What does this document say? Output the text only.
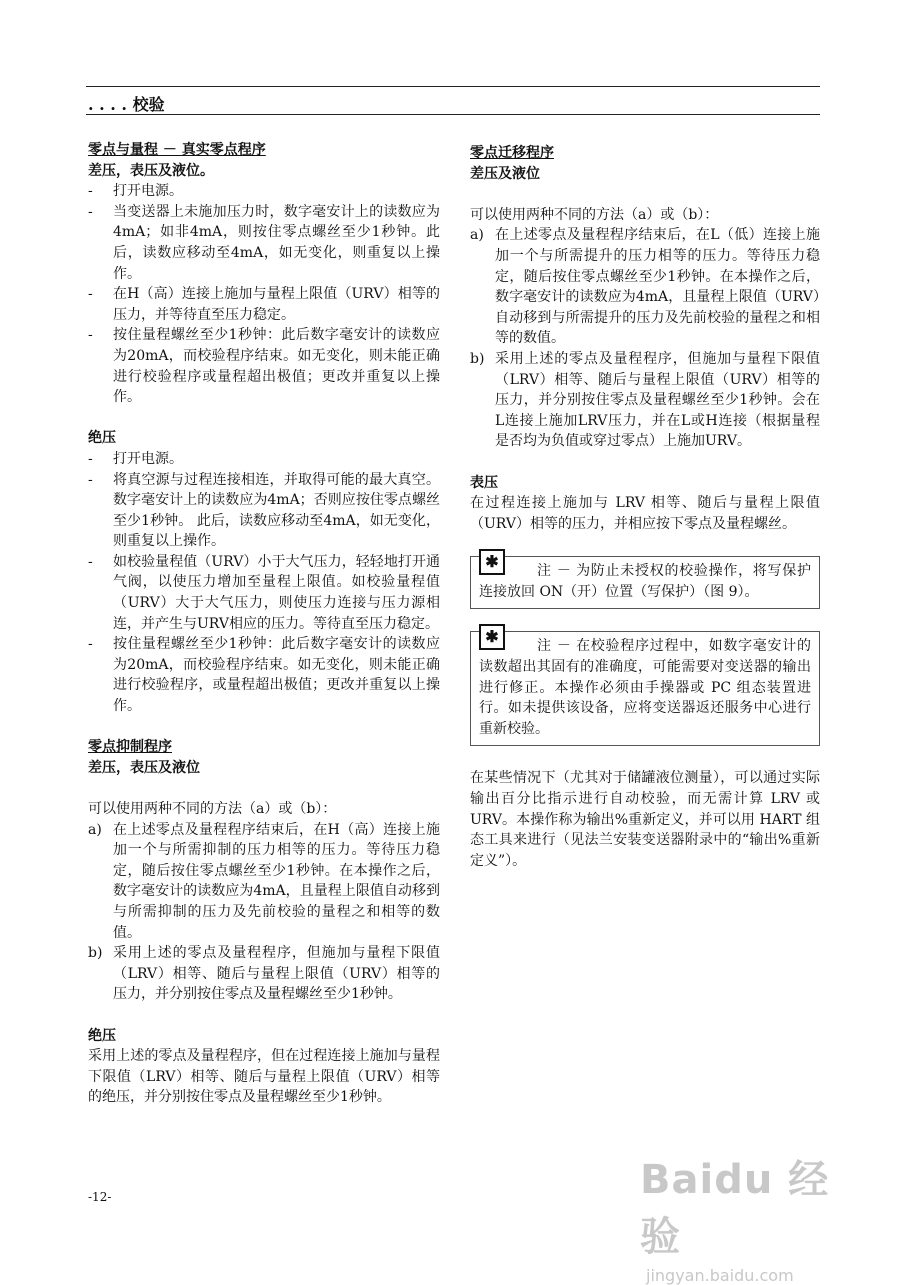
. . . . 校验

零点与量程 － 真实零点程序

差压，表压及液位。

-	打开电源。
-	当变送器上未施加压力时，数字毫安计上的读数应为4mA；如非4mA，则按住零点螺丝至少1秒钟。此后，读数应移动至4mA，如无变化，则重复以上操作。
-	在H（高）连接上施加与量程上限值（URV）相等的压力，并等待直至压力稳定。
-	按住量程螺丝至少1秒钟：此后数字毫安计的读数应为20mA，而校验程序结束。如无变化，则未能正确进行校验程序或量程超出极值；更改并重复以上操作。

绝压

-	打开电源。
-	将真空源与过程连接相连，并取得可能的最大真空。数字毫安计上的读数应为4mA；否则应按住零点螺丝至少1秒钟。 此后，读数应移动至4mA，如无变化，则重复以上操作。
-	如校验量程值（URV）小于大气压力，轻轻地打开通气阀，以使压力增加至量程上限值。如校验量程值（URV）大于大气压力，则使压力连接与压力源相连，并产生与URV相应的压力。等待直至压力稳定。
-	按住量程螺丝至少1秒钟：此后数字毫安计的读数应为20mA，而校验程序结束。如无变化，则未能正确进行校验程序，或量程超出极值；更改并重复以上操作。

零点抑制程序

差压，表压及液位

可以使用两种不同的方法（a）或（b）：

a) 在上述零点及量程程序结束后，在H（高）连接上施加一个与所需抑制的压力相等的压力。等待压力稳定，随后按住零点螺丝至少1秒钟。在本操作之后，数字毫安计的读数应为4mA，且量程上限值自动移到与所需抑制的压力及先前校验的量程之和相等的数值。
b) 采用上述的零点及量程程序，但施加与量程下限值（LRV）相等、随后与量程上限值（URV）相等的压力，并分别按住零点及量程螺丝至少1秒钟。

绝压

采用上述的零点及量程程序，但在过程连接上施加与量程下限值（LRV）相等、随后与量程上限值（URV）相等的绝压，并分别按住零点及量程螺丝至少1秒钟。

零点迁移程序

差压及液位

可以使用两种不同的方法（a）或（b）：

a) 在上述零点及量程程序结束后，在L（低）连接上施加一个与所需提升的压力相等的压力。等待压力稳定，随后按住零点螺丝至少1秒钟。在本操作之后，数字毫安计的读数应为4mA，且量程上限值（URV）自动移到与所需提升的压力及先前校验的量程之和相等的数值。
b) 采用上述的零点及量程程序，但施加与量程下限值（LRV）相等、随后与量程上限值（URV）相等的压力，并分别按住零点及量程螺丝至少1秒钟。会在L连接上施加LRV压力，并在L或H连接（根据量程是否均为负值或穿过零点）上施加URV。

表压

在过程连接上施加与 LRV 相等、随后与量程上限值（URV）相等的压力，并相应按下零点及量程螺丝。

✱	注 － 为防止未授权的校验操作，将写保护连接放回 ON（开）位置（写保护）（图 9）。

✱	注 － 在校验程序过程中，如数字毫安计的读数超出其固有的准确度，可能需要对变送器的输出进行修正。本操作必须由手操器或 PC 组态装置进行。如未提供该设备，应将变送器返还服务中心进行重新校验。

在某些情况下（尤其对于储罐液位测量），可以通过实际输出百分比指示进行自动校验，而无需计算 LRV 或 URV。本操作称为输出%重新定义，并可以用 HART 组态工具来进行（见法兰安装变送器附录中的“输出%重新定义”）。

-12-	Baidu 经验
jingyan.baidu.com
